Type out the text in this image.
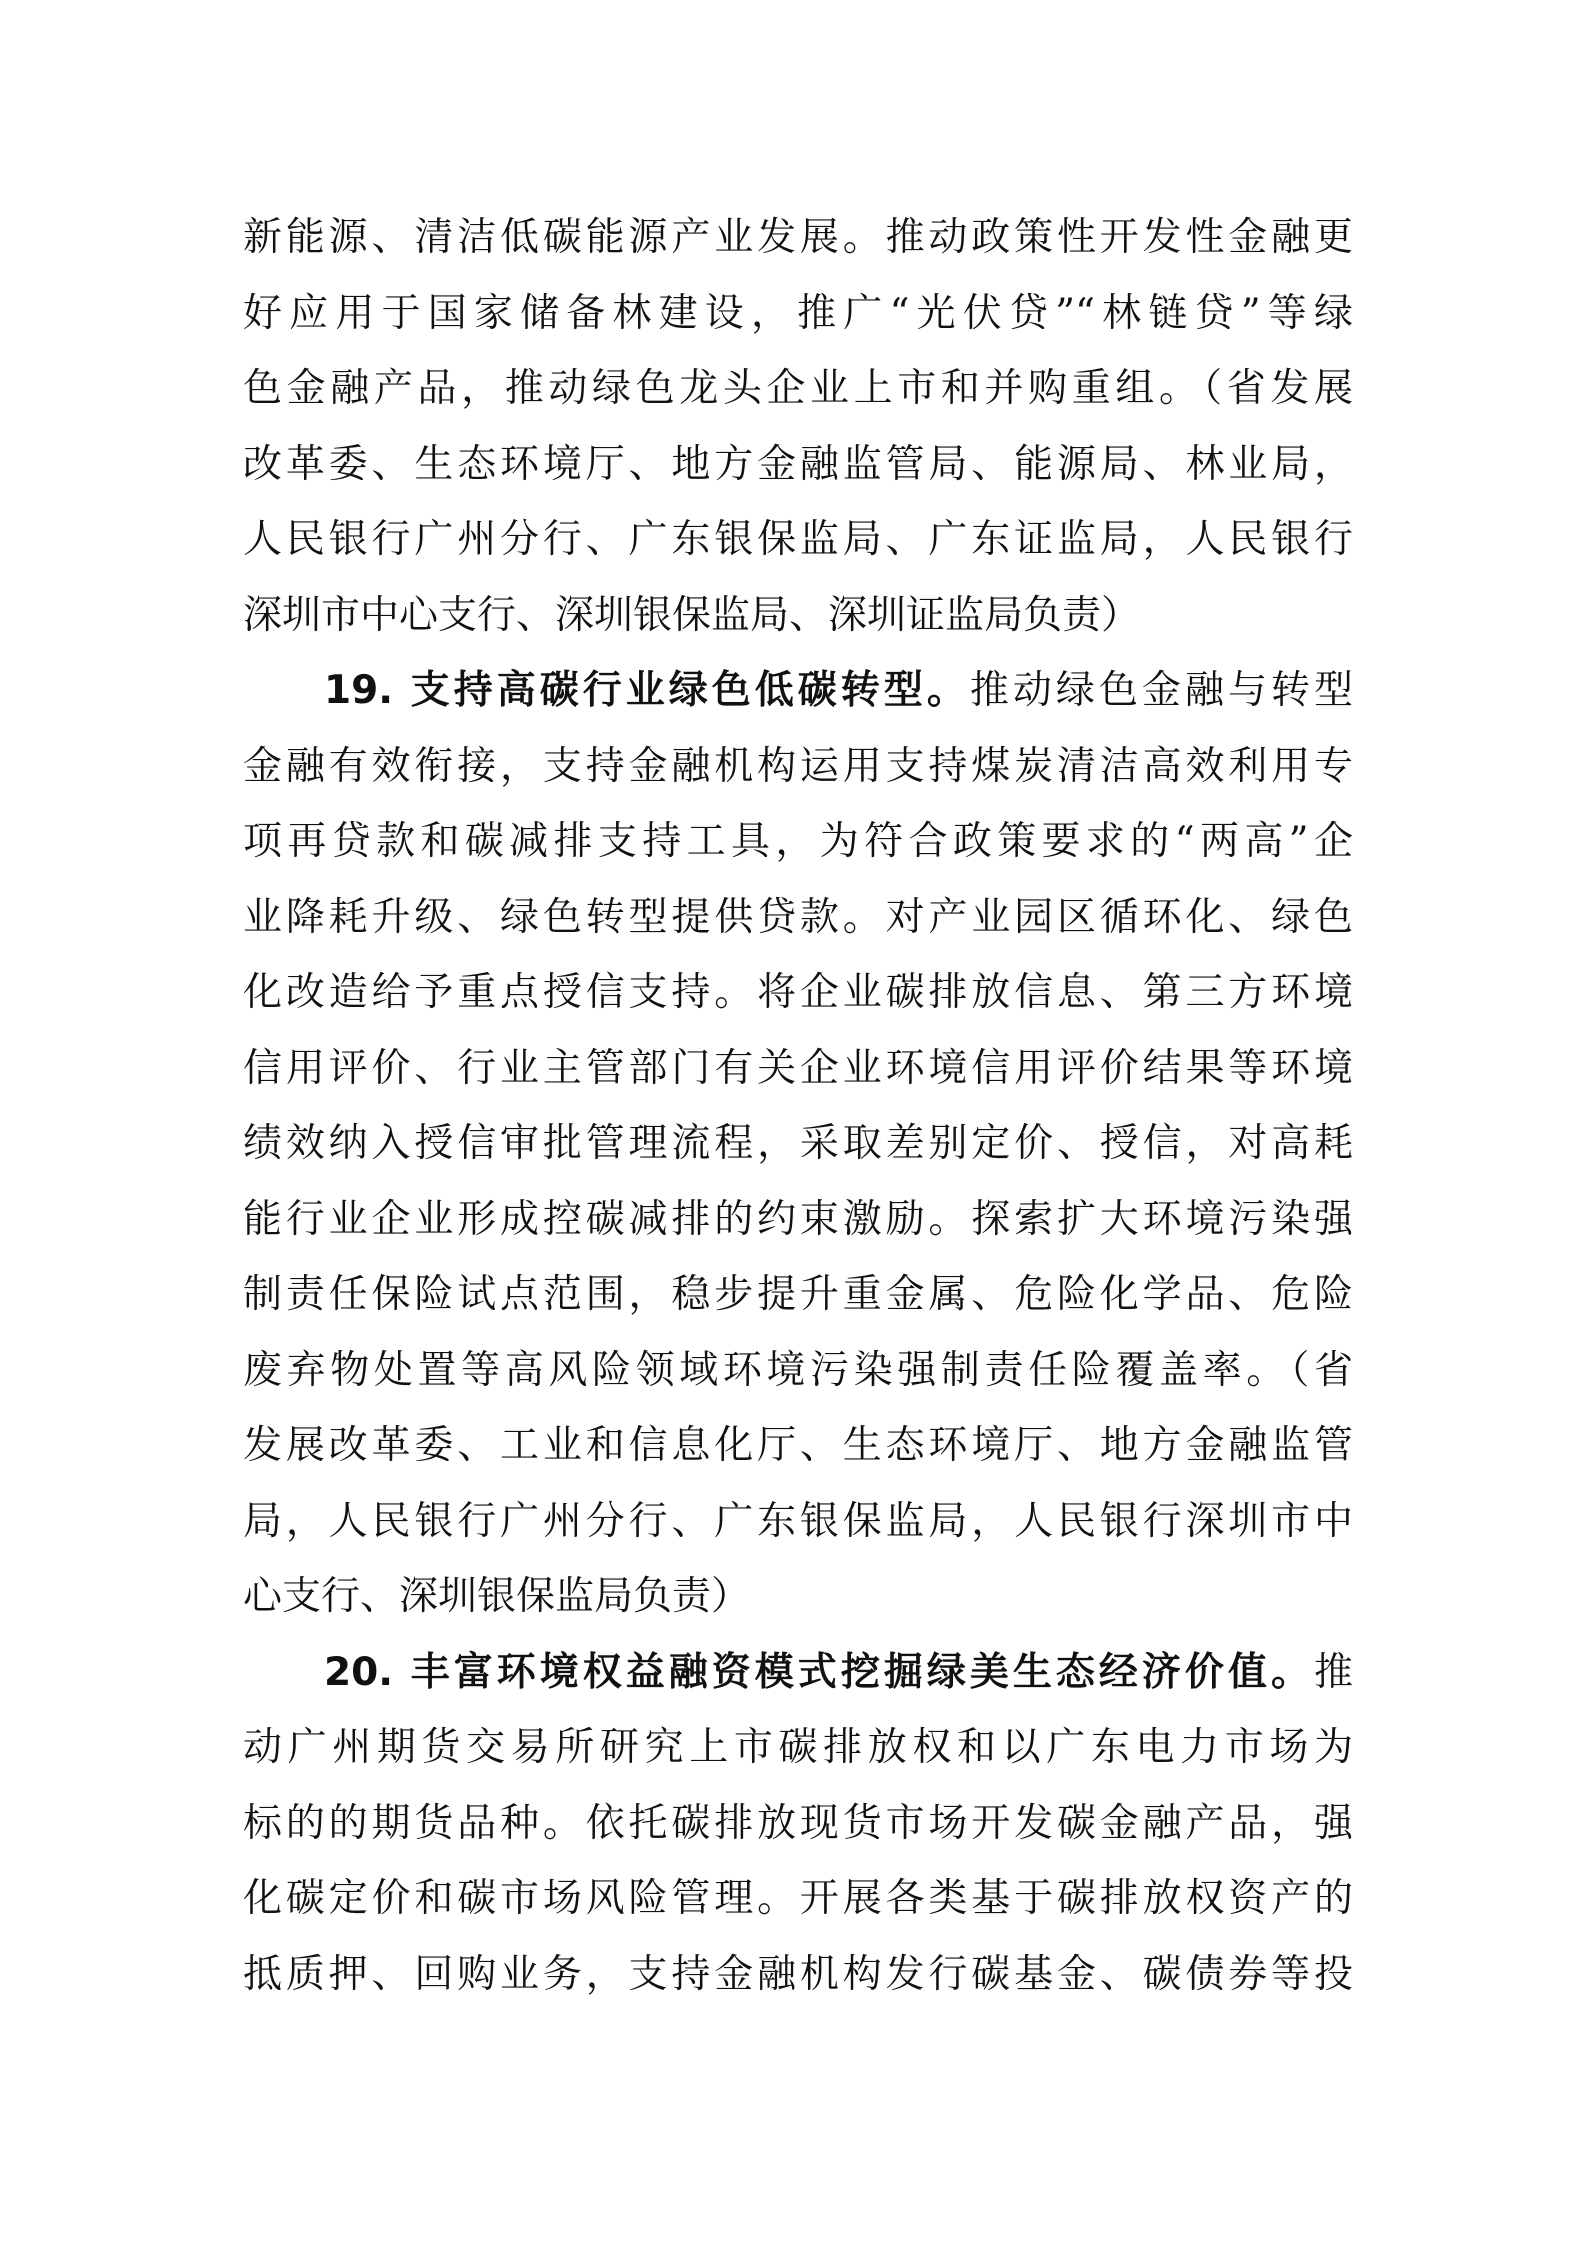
新能源、清洁低碳能源产业发展。推动政策性开发性金融更
好应用于国家储备林建设，推广“光伏贷”“林链贷”等绿
色金融产品，推动绿色龙头企业上市和并购重组。（省发展
改革委、生态环境厅、地方金融监管局、能源局、林业局，
人民银行广州分行、广东银保监局、广东证监局，人民银行
深圳市中心支行、深圳银保监局、深圳证监局负责）
19. 支持高碳行业绿色低碳转型。推动绿色金融与转型
金融有效衔接，支持金融机构运用支持煤炭清洁高效利用专
项再贷款和碳减排支持工具，为符合政策要求的“两高”企
业降耗升级、绿色转型提供贷款。对产业园区循环化、绿色
化改造给予重点授信支持。将企业碳排放信息、第三方环境
信用评价、行业主管部门有关企业环境信用评价结果等环境
绩效纳入授信审批管理流程，采取差别定价、授信，对高耗
能行业企业形成控碳减排的约束激励。探索扩大环境污染强
制责任保险试点范围，稳步提升重金属、危险化学品、危险
废弃物处置等高风险领域环境污染强制责任险覆盖率。（省
发展改革委、工业和信息化厅、生态环境厅、地方金融监管
局，人民银行广州分行、广东银保监局，人民银行深圳市中
心支行、深圳银保监局负责）
20. 丰富环境权益融资模式挖掘绿美生态经济价值。推
动广州期货交易所研究上市碳排放权和以广东电力市场为
标的的期货品种。依托碳排放现货市场开发碳金融产品，强
化碳定价和碳市场风险管理。开展各类基于碳排放权资产的
抵质押、回购业务，支持金融机构发行碳基金、碳债券等投
